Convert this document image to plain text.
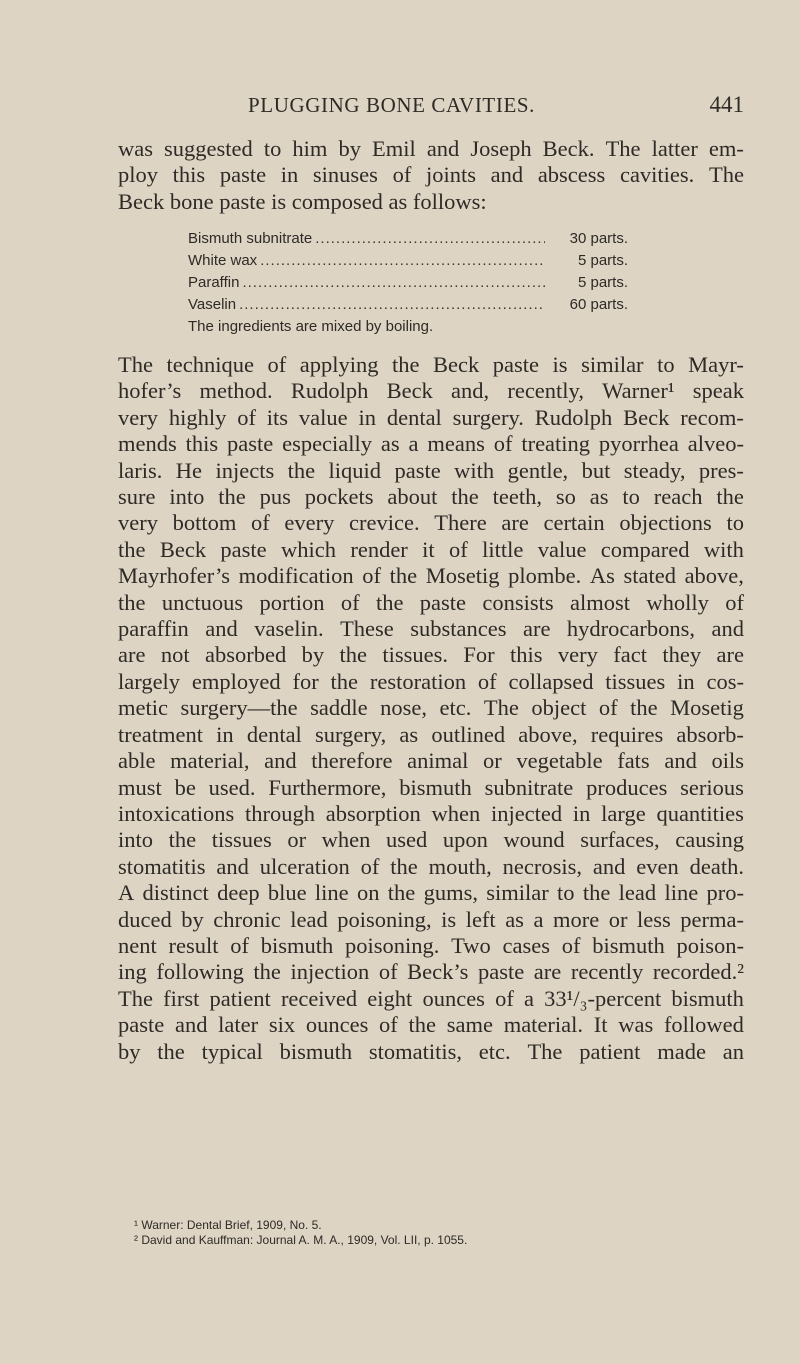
PLUGGING BONE CAVITIES.	441
was suggested to him by Emil and Joseph Beck. The latter em-
ploy this paste in sinuses of joints and abscess cavities. The
Beck bone paste is composed as follows:
Bismuth subnitrate .....	30 parts.
White wax .....	5 parts.
Paraffin .....	5 parts.
Vaselin .....	60 parts.
The ingredients are mixed by boiling.
The technique of applying the Beck paste is similar to Mayr-
hofer’s method. Rudolph Beck and, recently, Warner¹ speak
very highly of its value in dental surgery. Rudolph Beck recom-
mends this paste especially as a means of treating pyorrhea alveo-
laris. He injects the liquid paste with gentle, but steady, pres-
sure into the pus pockets about the teeth, so as to reach the
very bottom of every crevice. There are certain objections to
the Beck paste which render it of little value compared with
Mayrhofer’s modification of the Mosetig plombe. As stated above,
the unctuous portion of the paste consists almost wholly of
paraffin and vaselin. These substances are hydrocarbons, and
are not absorbed by the tissues. For this very fact they are
largely employed for the restoration of collapsed tissues in cos-
metic surgery—the saddle nose, etc. The object of the Mosetig
treatment in dental surgery, as outlined above, requires absorb-
able material, and therefore animal or vegetable fats and oils
must be used. Furthermore, bismuth subnitrate produces serious
intoxications through absorption when injected in large quantities
into the tissues or when used upon wound surfaces, causing
stomatitis and ulceration of the mouth, necrosis, and even death.
A distinct deep blue line on the gums, similar to the lead line pro-
duced by chronic lead poisoning, is left as a more or less perma-
nent result of bismuth poisoning. Two cases of bismuth poison-
ing following the injection of Beck’s paste are recently recorded.²
The first patient received eight ounces of a 33¹/₃-percent bismuth
paste and later six ounces of the same material. It was followed
by the typical bismuth stomatitis, etc. The patient made an
¹ Warner: Dental Brief, 1909, No. 5.
² David and Kauffman: Journal A. M. A., 1909, Vol. LII, p. 1055.
